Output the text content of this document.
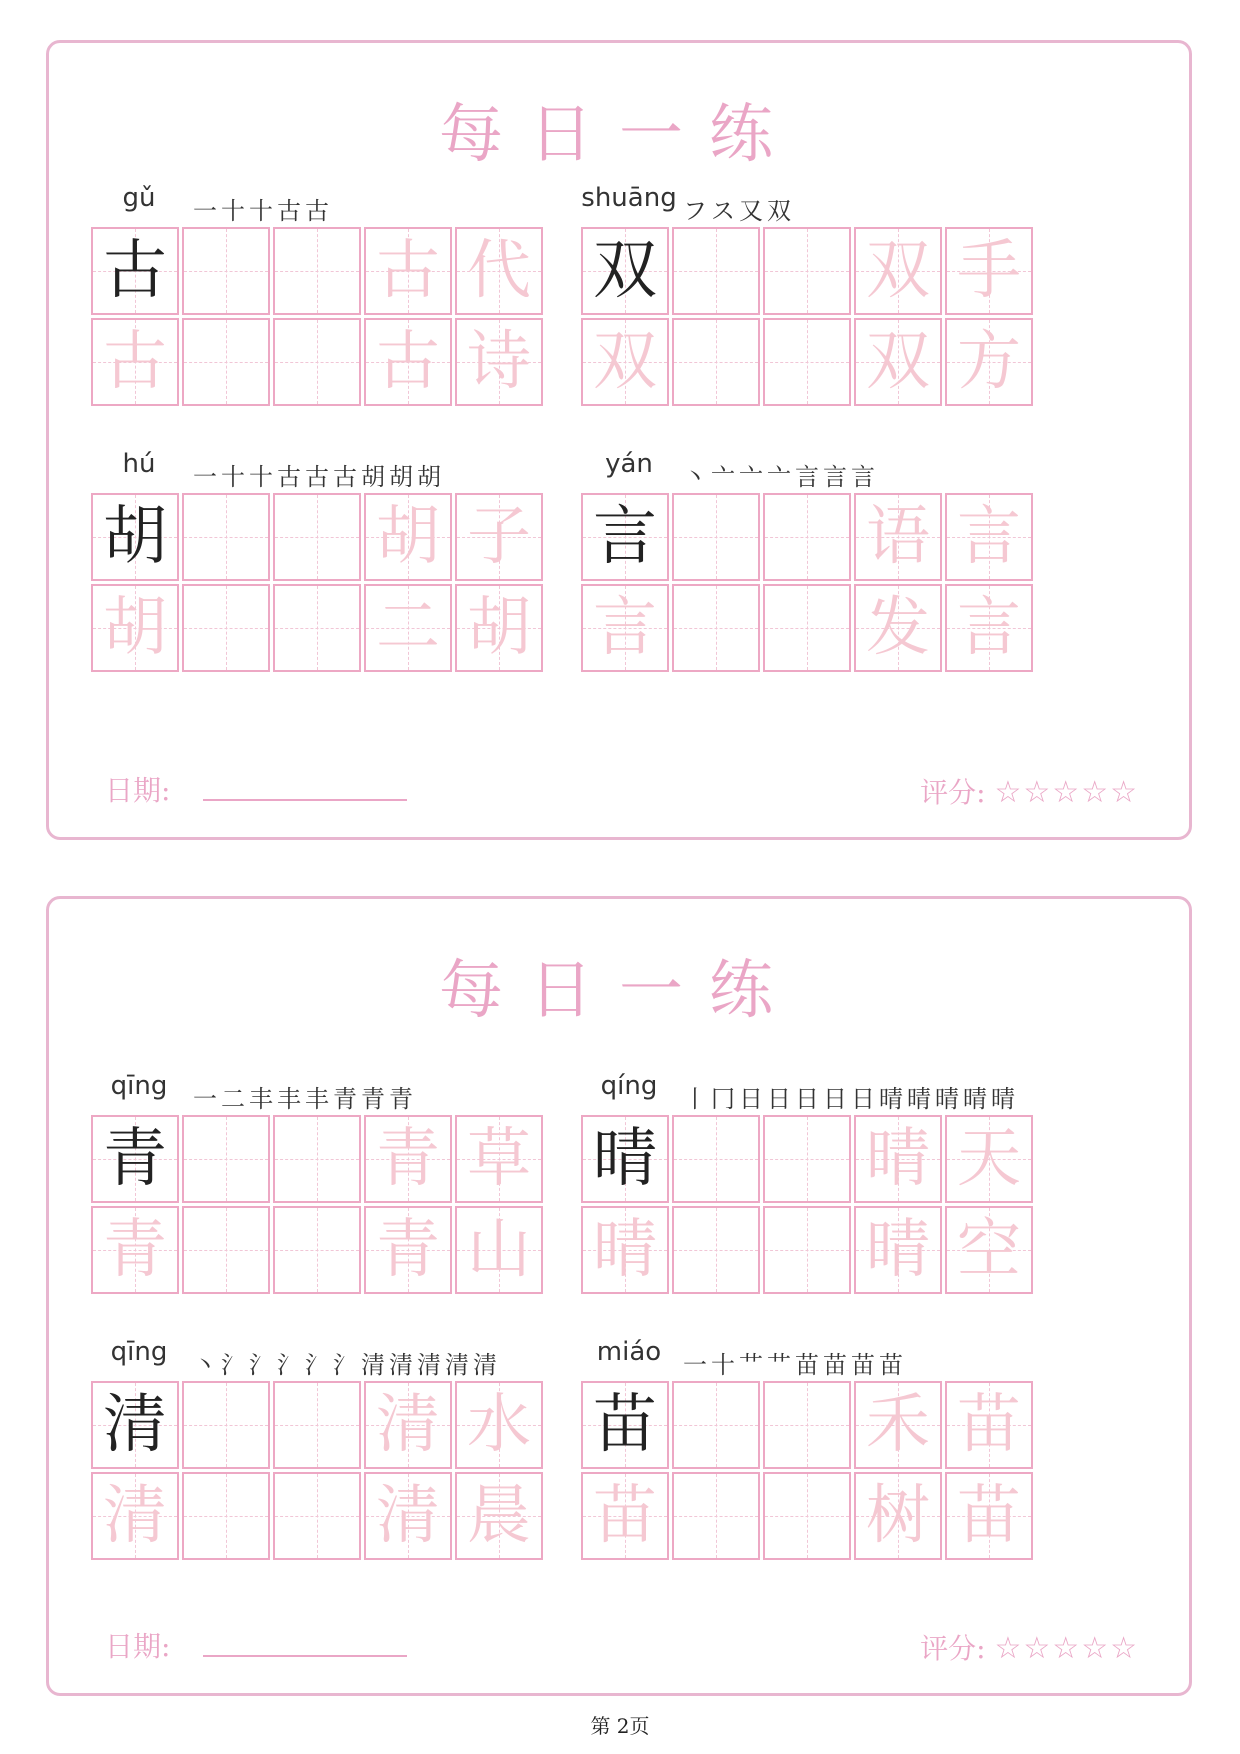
每日一练
gǔ	一 十 十 古 古
古	古 代
古	古 诗
shuāng フ ス 又 双
双	双 手
双	双 方
hú	一 十 十 古 古 古 胡 胡 胡
胡	胡 子
胡	二 胡
yán	丶 亠 亠 亠 言 言 言
言	语 言
言	发 言
日期:	评分: ☆☆☆☆☆
每日一练
qīng	一 二 丰 丰 丰 青 青 青
青	青 草
青	青 山
qíng	丨 冂 日 日 日 日 日 晴 晴 晴 晴 晴
晴	晴 天
晴	晴 空
qīng	丶 氵 氵 氵 氵 氵 清 清 清 清 清
清	清 水
清	清 晨
miáo 一 十 艹 艹 苗 苗 苗 苗
苗	禾 苗
苗	树 苗
日期:	评分: ☆☆☆☆☆
第 2页
